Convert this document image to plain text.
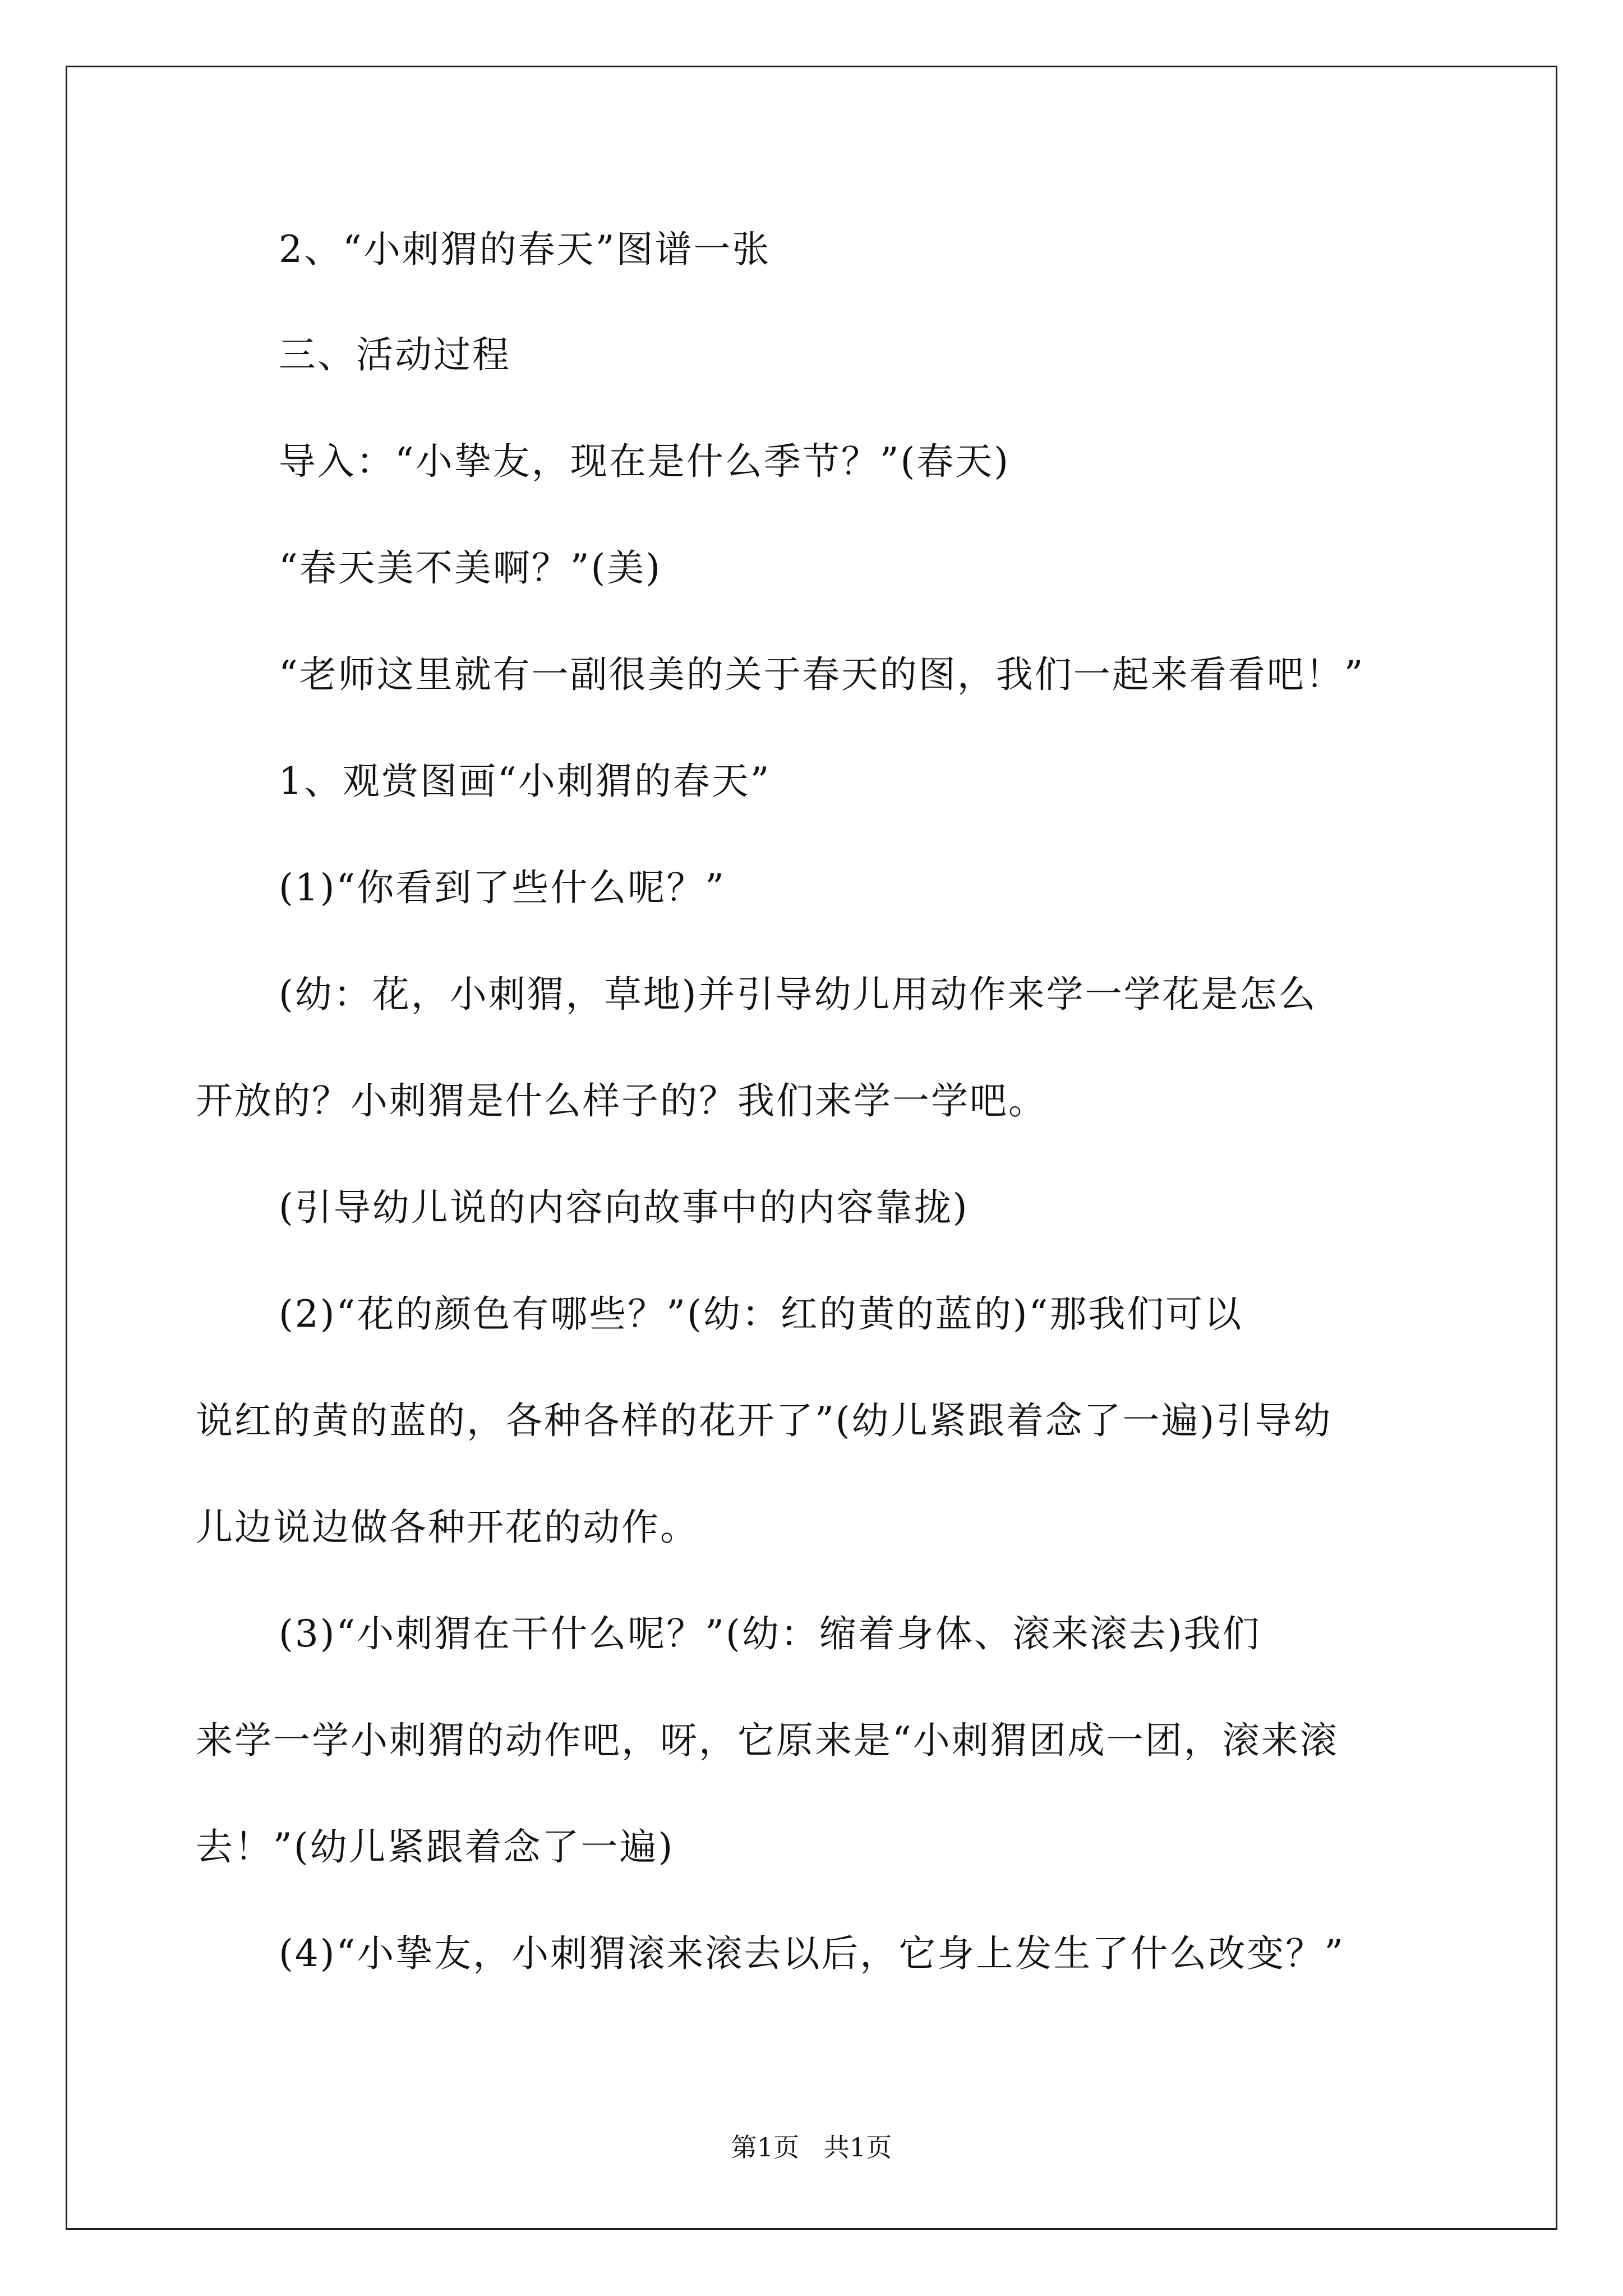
2、“小刺猬的春天”图谱一张
三、活动过程
导入：“小挚友，现在是什么季节？”(春天)
“春天美不美啊？”(美)
“老师这里就有一副很美的关于春天的图，我们一起来看看吧！”
1、观赏图画“小刺猬的春天”
(1)“你看到了些什么呢？”
(幼：花，小刺猬，草地)并引导幼儿用动作来学一学花是怎么
开放的？小刺猬是什么样子的？我们来学一学吧。
(引导幼儿说的内容向故事中的内容靠拢)
(2)“花的颜色有哪些？”(幼：红的黄的蓝的)“那我们可以
说红的黄的蓝的，各种各样的花开了”(幼儿紧跟着念了一遍)引导幼
儿边说边做各种开花的动作。
(3)“小刺猬在干什么呢？”(幼：缩着身体、滚来滚去)我们
来学一学小刺猬的动作吧，呀，它原来是“小刺猬团成一团，滚来滚
去！”(幼儿紧跟着念了一遍)
(4)“小挚友，小刺猬滚来滚去以后，它身上发生了什么改变？”
第1页   共1页
